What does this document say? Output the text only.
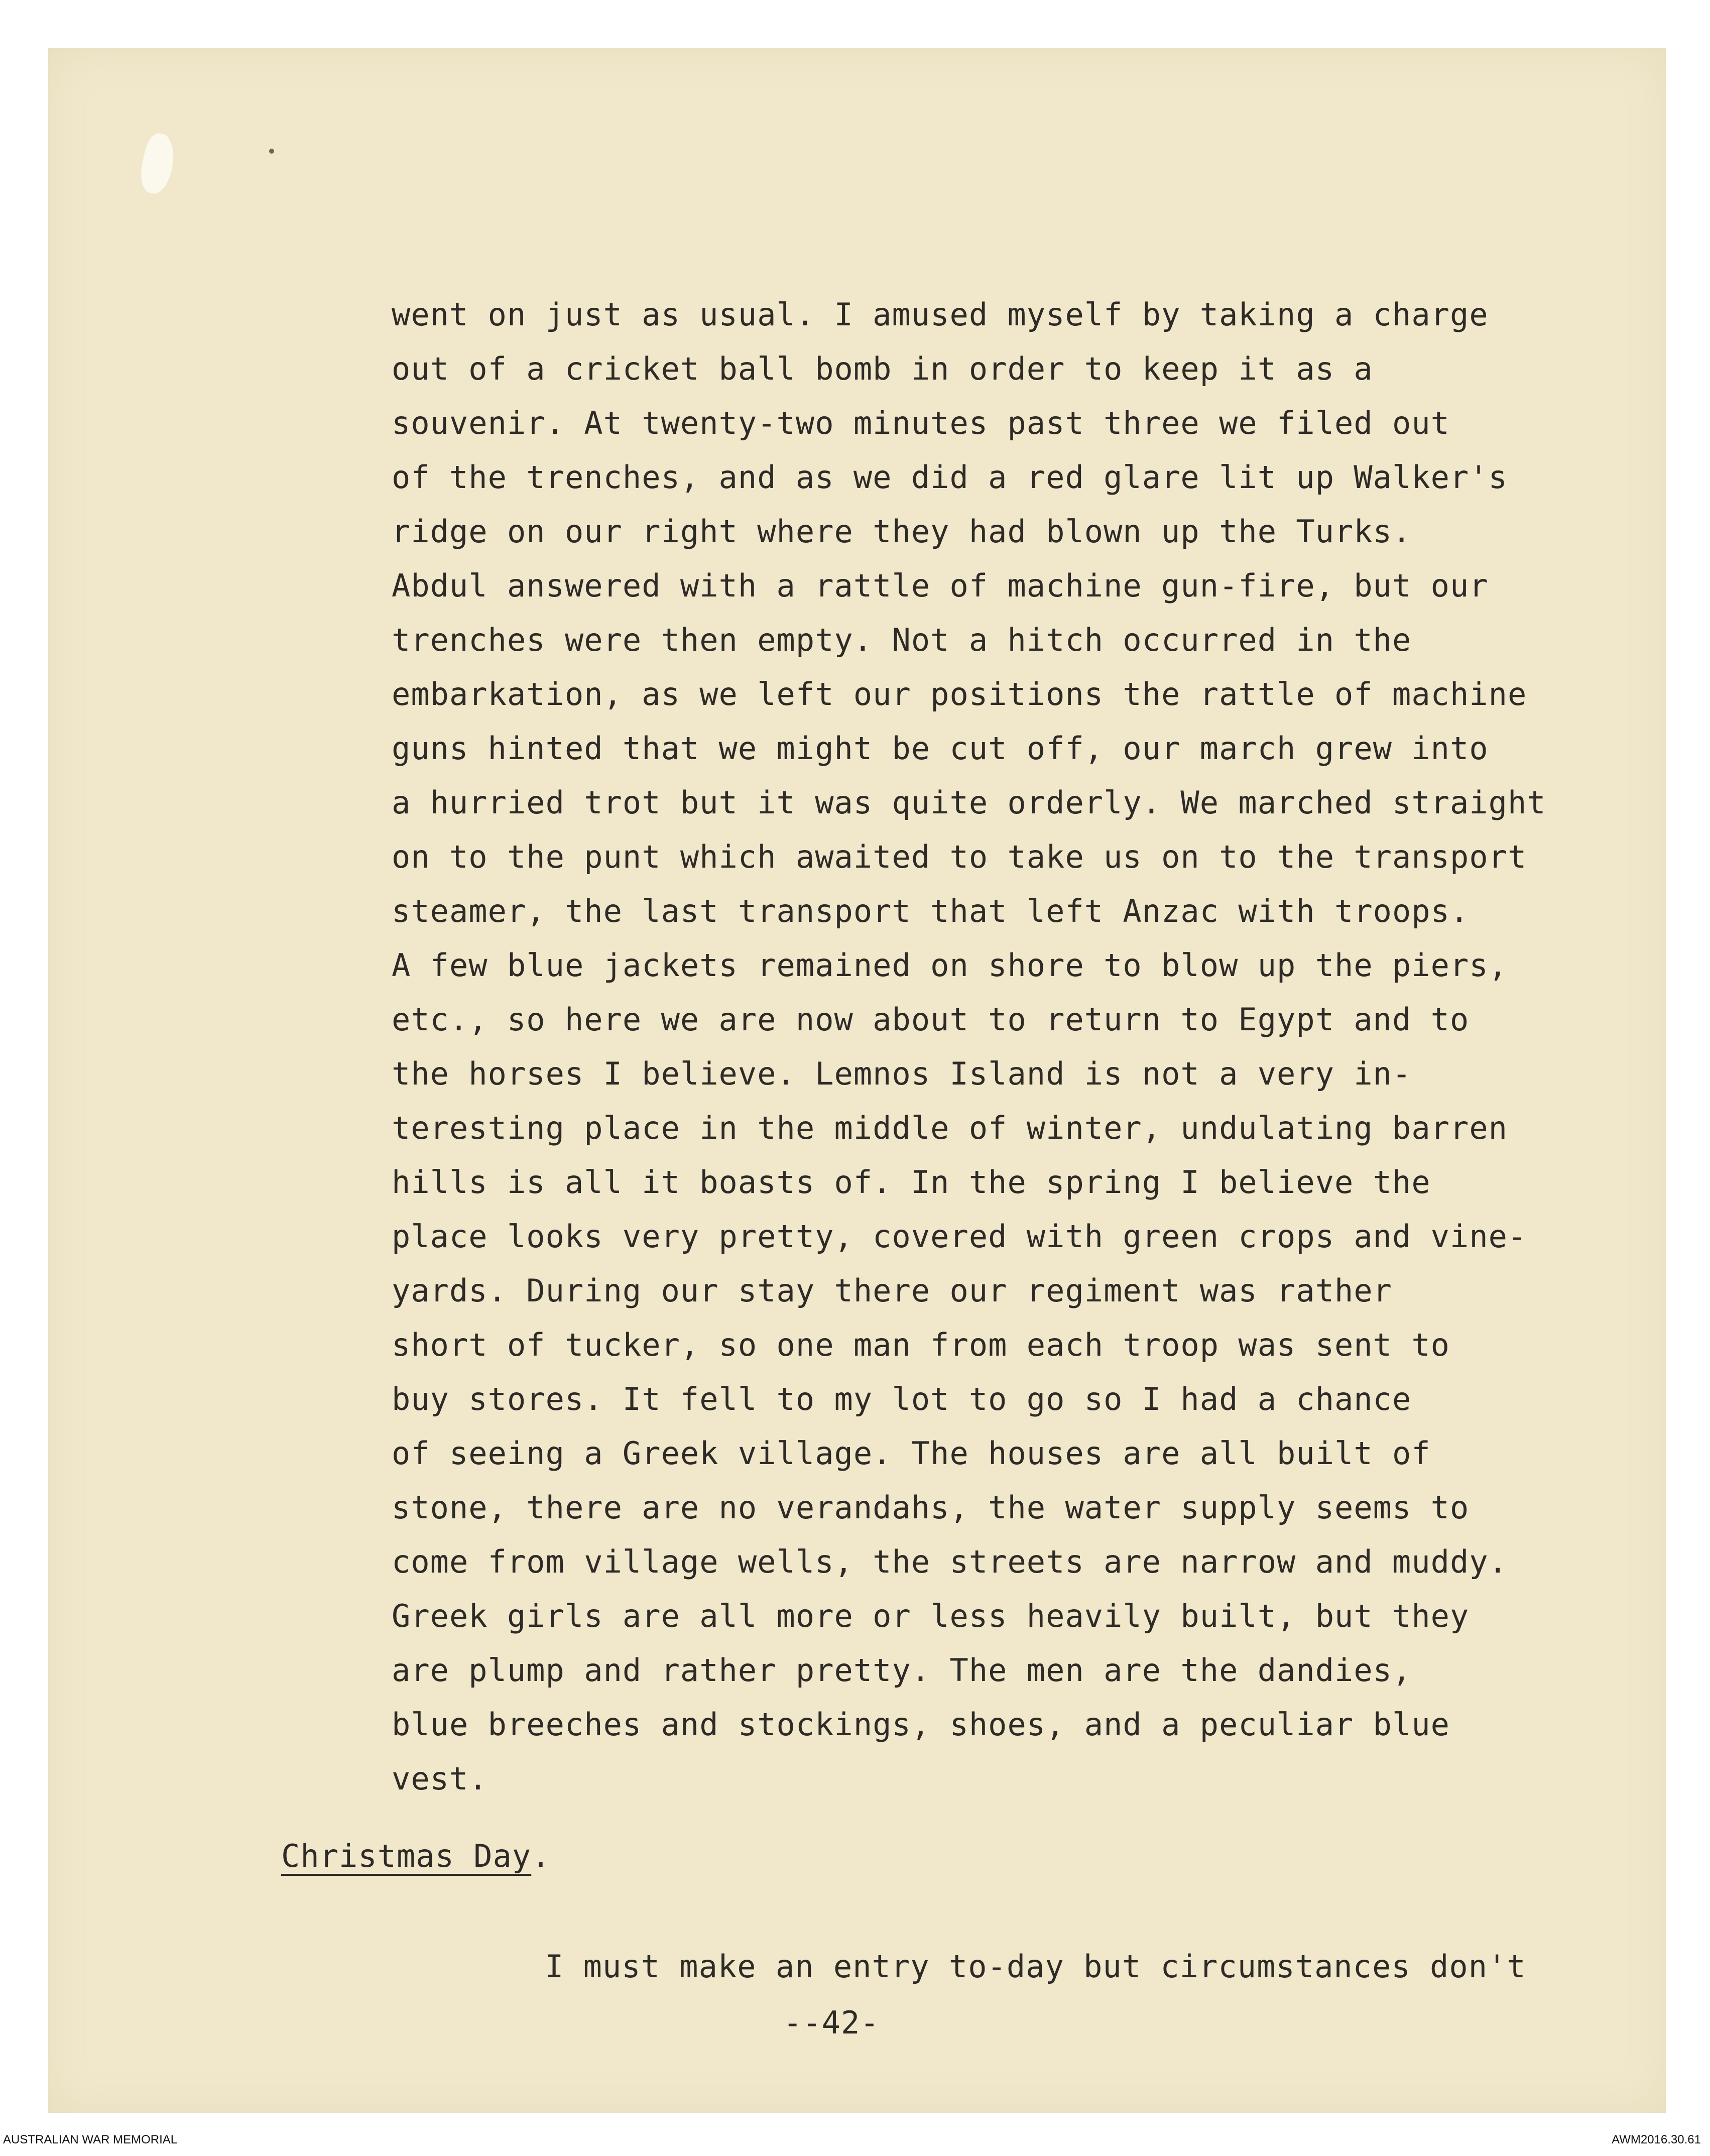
went on just as usual. I amused myself by taking a charge

out of a cricket ball bomb in order to keep it as a

souvenir. At twenty-two minutes past three we filed out

of the trenches, and as we did a red glare lit up Walker's

ridge on our right where they had blown up the Turks.

Abdul answered with a rattle of machine gun-fire, but our

trenches were then empty. Not a hitch occurred in the

embarkation, as we left our positions the rattle of machine

guns hinted that we might be cut off, our march grew into

a hurried trot but it was quite orderly. We marched straight

on to the punt which awaited to take us on to the transport

steamer, the last transport that left Anzac with troops.

A few blue jackets remained on shore to blow up the piers,

etc., so here we are now about to return to Egypt and to

the horses I believe. Lemnos Island is not a very in-

teresting place in the middle of winter, undulating barren

hills is all it boasts of. In the spring I believe the

place looks very pretty, covered with green crops and vine-

yards. During our stay there our regiment was rather

short of tucker, so one man from each troop was sent to

buy stores. It fell to my lot to go so I had a chance

of seeing a Greek village. The houses are all built of

stone, there are no verandahs, the water supply seems to

come from village wells, the streets are narrow and muddy.

Greek girls are all more or less heavily built, but they

are plump and rather pretty. The men are the dandies,

blue breeches and stockings, shoes, and a peculiar blue

vest.

Christmas Day.

I must make an entry to-day but circumstances don't

--42-

AUSTRALIAN WAR MEMORIAL	AWM2016.30.61
